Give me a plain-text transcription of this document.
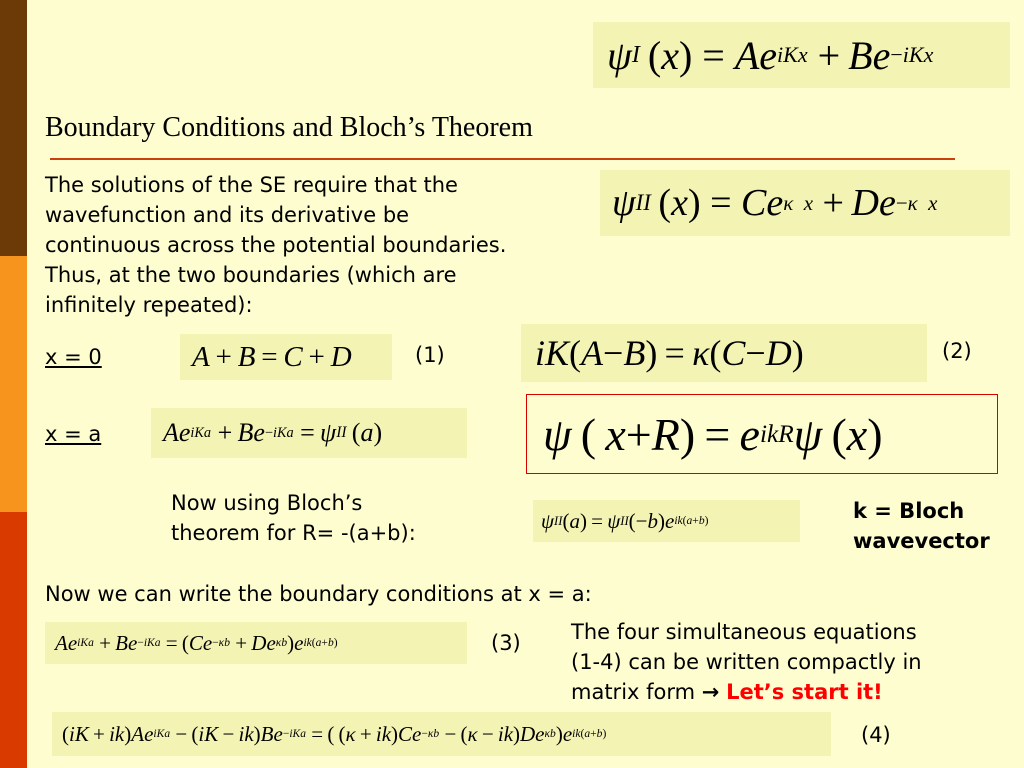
ψ I
  ( x )
= Ae iKx
+  Be −iKx
Boundary Conditions and Bloch’s Theorem
The solutions of the SE require that the
wavefunction and its derivative be
continuous across the potential boundaries.
Thus, at the two boundaries (which are
infinitely repeated):
ψ II
  ( x )
= Ce κ  x
+  De −κ  x
x = 0	A  +  B  =  C  +  D	(1)	iK ( A − B )
  =  κ ( C − D )	(2)
x = a	Ae iKa
+  Be −iKa
=  ψ II
  ( a )	ψ  (  x + R )
  =  e ikR ψ  ( x )
Now using Bloch’s
theorem for R= -(a+b):
ψ II ( a )
  =  ψ II ( − b ) e ik(a+b)	k = Bloch
wavevector
Now we can write the boundary conditions at x = a:
Ae iKa
+  Be −iKa
=
  ( Ce −κb
+  De κb ) e ik(a+b)	(3) The four simultaneous equations
(1-4) can be written compactly in
matrix form → Let’s start it!
( iK  +  ik ) Ae iKa
−
  ( iK  −  ik ) Be −iKa
=
  ( ( κ  +  ik ) Ce −κb
−
  ( κ  −  ik ) De κb ) e ik(a+b)	(4)
